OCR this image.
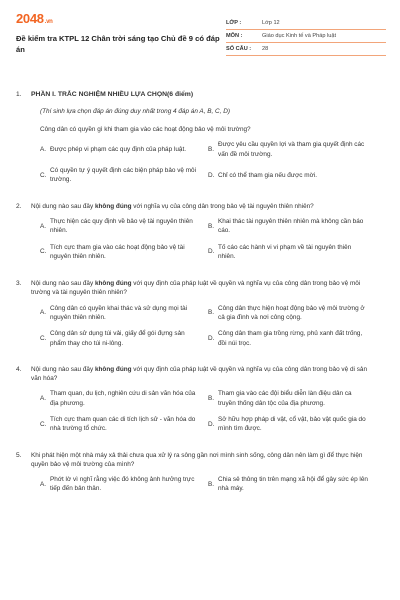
2048.vn
Đề kiểm tra KTPL 12 Chân trời sáng tạo Chủ đề 9 có đáp án
LỚP :	Lớp 12
MÔN :	Giáo dục Kinh tế và Pháp luật
SỐ CÂU :	28
1.	PHẦN I. TRẮC NGHIỆM NHIỀU LỰA CHỌN(6 điểm)
(Thí sinh lựa chọn đáp án đúng duy nhất trong 4 đáp án A, B, C, D)
Công dân có quyền gì khi tham gia vào các hoạt động bảo vệ môi trường?
A. Được phép vi phạm các quy định của pháp luật.	B.
Được yêu cầu quyền lợi và tham gia quyết định các vấn đề môi trường.
C.
Có quyền tự ý quyết định các biện pháp bảo vệ môi trường.
D. Chỉ có thể tham gia nếu được mời.
2.	Nội dung nào sau đây không đúng với nghĩa vụ của công dân trong bảo vệ tài nguyên thiên nhiên?
A.
Thực hiện các quy định về bảo vệ tài nguyên thiên nhiên.
B.
Khai thác tài nguyên thiên nhiên mà không cần báo cáo.
C.
Tích cực tham gia vào các hoạt động bảo vệ tài nguyên thiên nhiên.
D.
Tố cáo các hành vi vi phạm về tài nguyên thiên nhiên.
3.	Nội dung nào sau đây không đúng với quy định của pháp luật về quyền và nghĩa vụ của công dân trong bảo vệ môi trường và tài nguyên thiên nhiên?
A.
Công dân có quyền khai thác và sử dụng mọi tài nguyên thiên nhiên.
B.
Công dân thực hiện hoạt động bảo vệ môi trường ở cả gia đình và nơi công cộng.
C.
Công dân sử dụng túi vải, giấy để gói đựng sản phẩm thay cho túi ni-lông.
D.
Công dân tham gia trồng rừng, phủ xanh đất trống, đồi núi trọc.
4.	Nội dung nào sau đây không đúng với quy định của pháp luật về quyền và nghĩa vụ của công dân trong bảo vệ di sản văn hóa?
A.
Tham quan, du lịch, nghiên cứu di sản văn hóa của địa phương.
B.
Tham gia vào các đội biểu diễn làn điệu dân ca truyền thống dân tộc của địa phương.
C.
Tích cực tham quan các di tích lịch sử - văn hóa do nhà trường tổ chức.
D.
Sở hữu hợp pháp di vật, cổ vật, bảo vật quốc gia do mình tìm được.
5.	Khi phát hiện một nhà máy xả thải chưa qua xử lý ra sông gần nơi mình sinh sống, công dân nên làm gì để thực hiện quyền bảo vệ môi trường của mình?
A.
Phớt lờ vì nghĩ rằng việc đó không ảnh hưởng trực tiếp đến bản thân.
B.
Chia sẻ thông tin trên mạng xã hội để gây sức ép lên nhà máy.
